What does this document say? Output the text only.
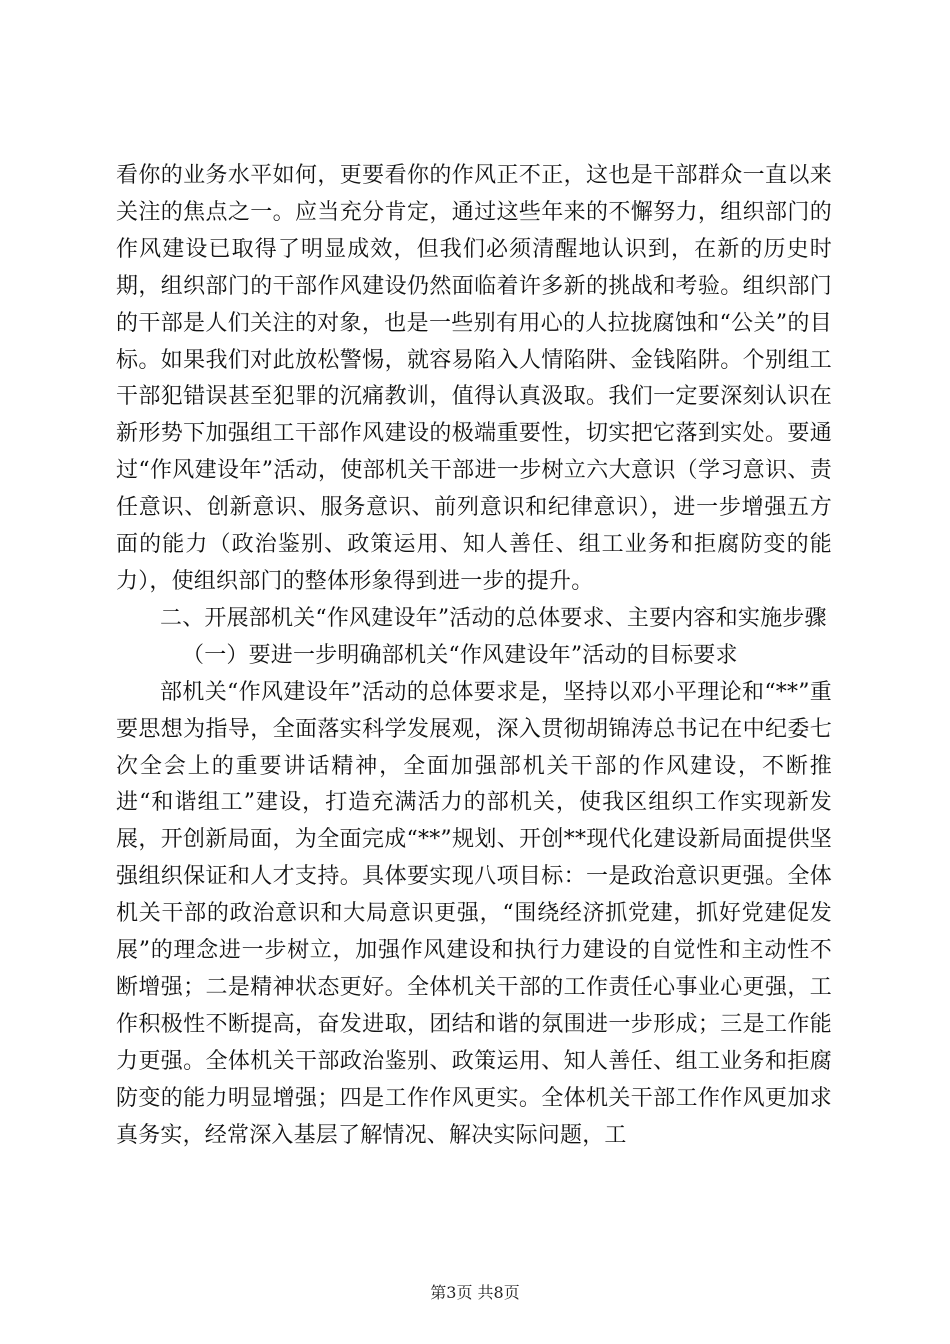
看你的业务水平如何，更要看你的作风正不正，这也是干部群众一直以来关注的焦点之一。应当充分肯定，通过这些年来的不懈努力，组织部门的作风建设已取得了明显成效，但我们必须清醒地认识到，在新的历史时期，组织部门的干部作风建设仍然面临着许多新的挑战和考验。组织部门的干部是人们关注的对象，也是一些别有用心的人拉拢腐蚀和“公关”的目标。如果我们对此放松警惕，就容易陷入人情陷阱、金钱陷阱。个别组工干部犯错误甚至犯罪的沉痛教训，值得认真汲取。我们一定要深刻认识在新形势下加强组工干部作风建设的极端重要性，切实把它落到实处。要通过“作风建设年”活动，使部机关干部进一步树立六大意识（学习意识、责任意识、创新意识、服务意识、前列意识和纪律意识），进一步增强五方面的能力（政治鉴别、政策运用、知人善任、组工业务和拒腐防变的能力），使组织部门的整体形象得到进一步的提升。

二、开展部机关“作风建设年”活动的总体要求、主要内容和实施步骤

（一）要进一步明确部机关“作风建设年”活动的目标要求

部机关“作风建设年”活动的总体要求是，坚持以邓小平理论和“**”重要思想为指导，全面落实科学发展观，深入贯彻胡锦涛总书记在中纪委七次全会上的重要讲话精神，全面加强部机关干部的作风建设，不断推进“和谐组工”建设，打造充满活力的部机关，使我区组织工作实现新发展，开创新局面，为全面完成“**”规划、开创**现代化建设新局面提供坚强组织保证和人才支持。具体要实现八项目标：一是政治意识更强。全体机关干部的政治意识和大局意识更强，“围绕经济抓党建，抓好党建促发展”的理念进一步树立，加强作风建设和执行力建设的自觉性和主动性不断增强；二是精神状态更好。全体机关干部的工作责任心事业心更强，工作积极性不断提高，奋发进取，团结和谐的氛围进一步形成；三是工作能力更强。全体机关干部政治鉴别、政策运用、知人善任、组工业务和拒腐防变的能力明显增强；四是工作作风更实。全体机关干部工作作风更加求真务实，经常深入基层了解情况、解决实际问题，工

第3页 共8页
